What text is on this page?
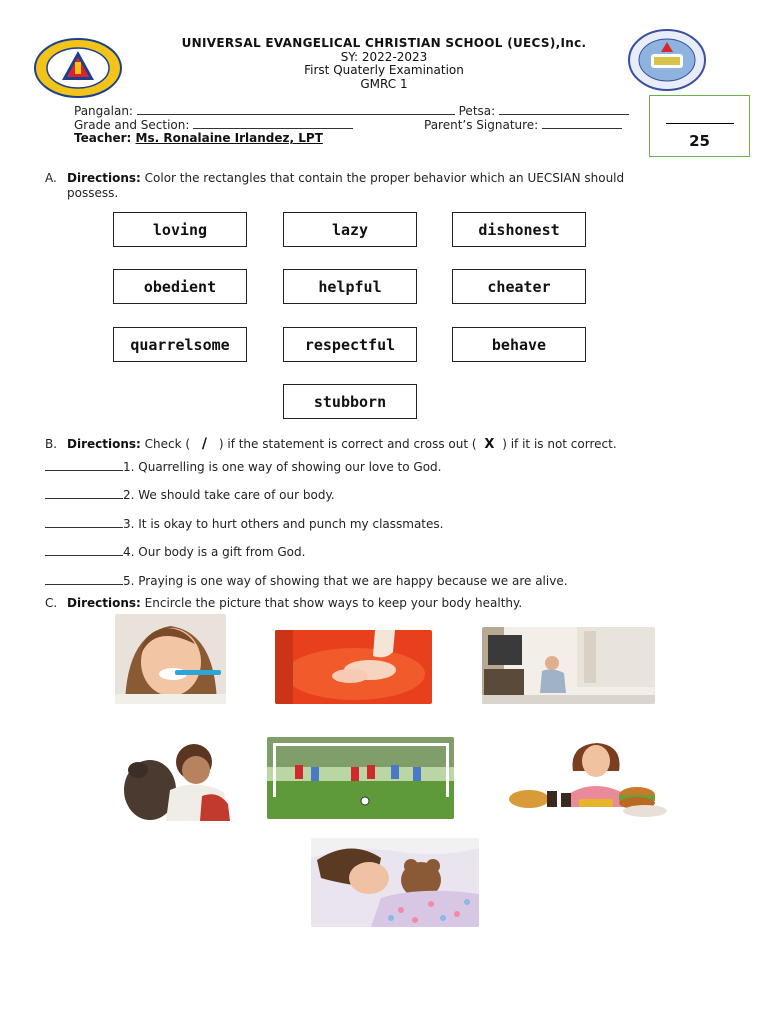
UNIVERSAL EVANGELICAL CHRISTIAN SCHOOL (UECS),Inc.
SY: 2022-2023
First Quaterly Examination
GMRC 1
Pangalan:	Petsa:
Grade and Section:	Parent’s Signature:
Teacher: Ms. Ronalaine Irlandez, LPT	25
A. Directions: Color the rectangles that contain the proper behavior which an UECSIAN should
possess.
loving	lazy	dishonest
obedient	helpful	cheater
quarrelsome	respectful	behave
stubborn
B. Directions: Check ( / ) if the statement is correct and cross out ( X ) if it is not correct.
1. Quarrelling is one way of showing our love to God.
2. We should take care of our body.
3. It is okay to hurt others and punch my classmates.
4. Our body is a gift from God.
5. Praying is one way of showing that we are happy because we are alive.
C. Directions: Encircle the picture that show ways to keep your body healthy.
